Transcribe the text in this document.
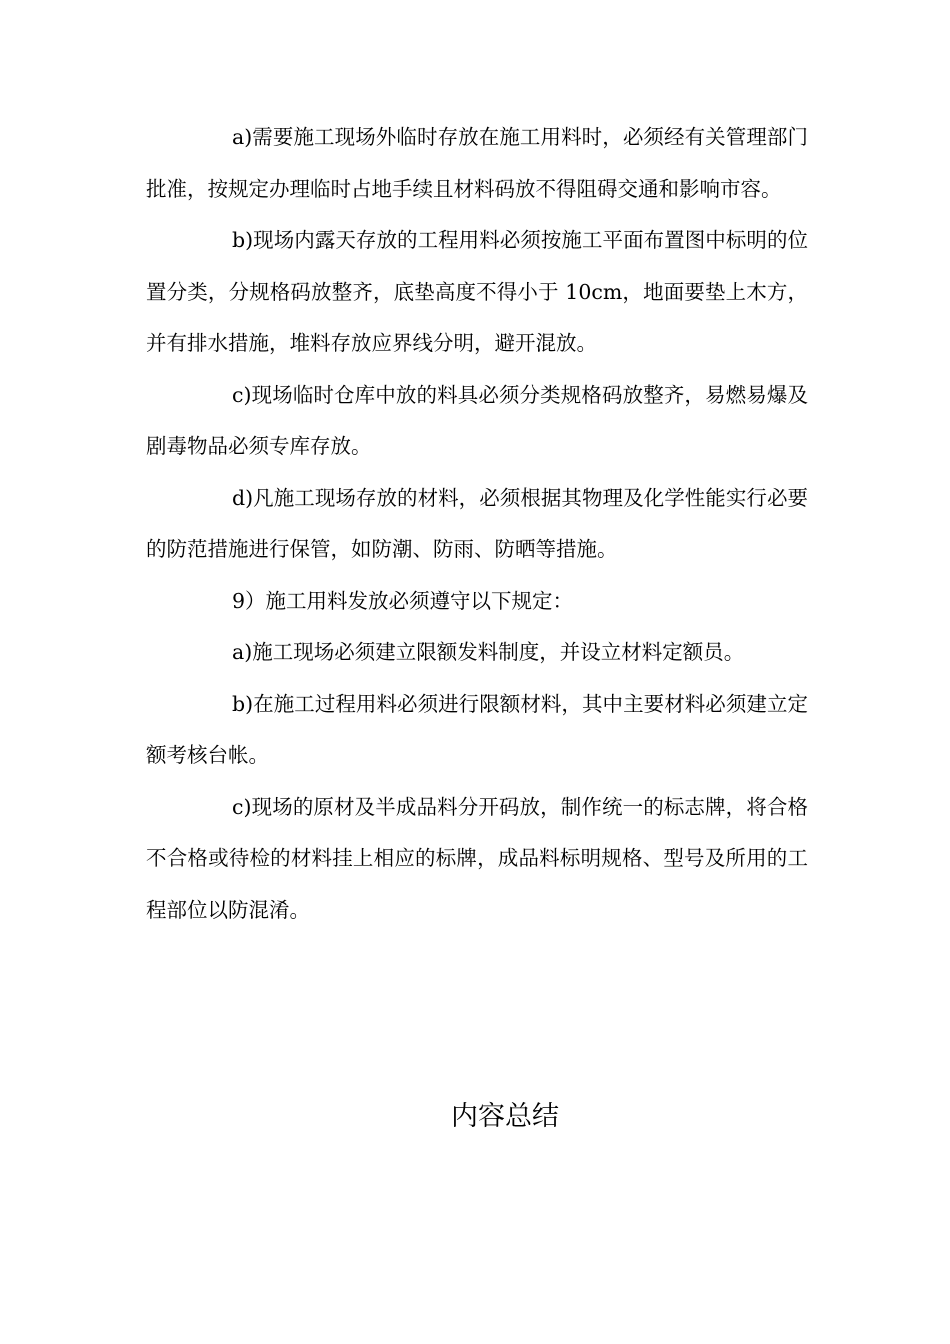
a)需要施工现场外临时存放在施工用料时，必须经有关管理部门批准，按规定办理临时占地手续且材料码放不得阻碍交通和影响市容。

b)现场内露天存放的工程用料必须按施工平面布置图中标明的位置分类，分规格码放整齐，底垫高度不得小于 10cm，地面要垫上木方，并有排水措施，堆料存放应界线分明，避开混放。

c)现场临时仓库中放的料具必须分类规格码放整齐，易燃易爆及剧毒物品必须专库存放。

d)凡施工现场存放的材料，必须根据其物理及化学性能实行必要的防范措施进行保管，如防潮、防雨、防晒等措施。

9）施工用料发放必须遵守以下规定：

a)施工现场必须建立限额发料制度，并设立材料定额员。

b)在施工过程用料必须进行限额材料，其中主要材料必须建立定额考核台帐。

c)现场的原材及半成品料分开码放，制作统一的标志牌，将合格不合格或待检的材料挂上相应的标牌，成品料标明规格、型号及所用的工程部位以防混淆。

内容总结
